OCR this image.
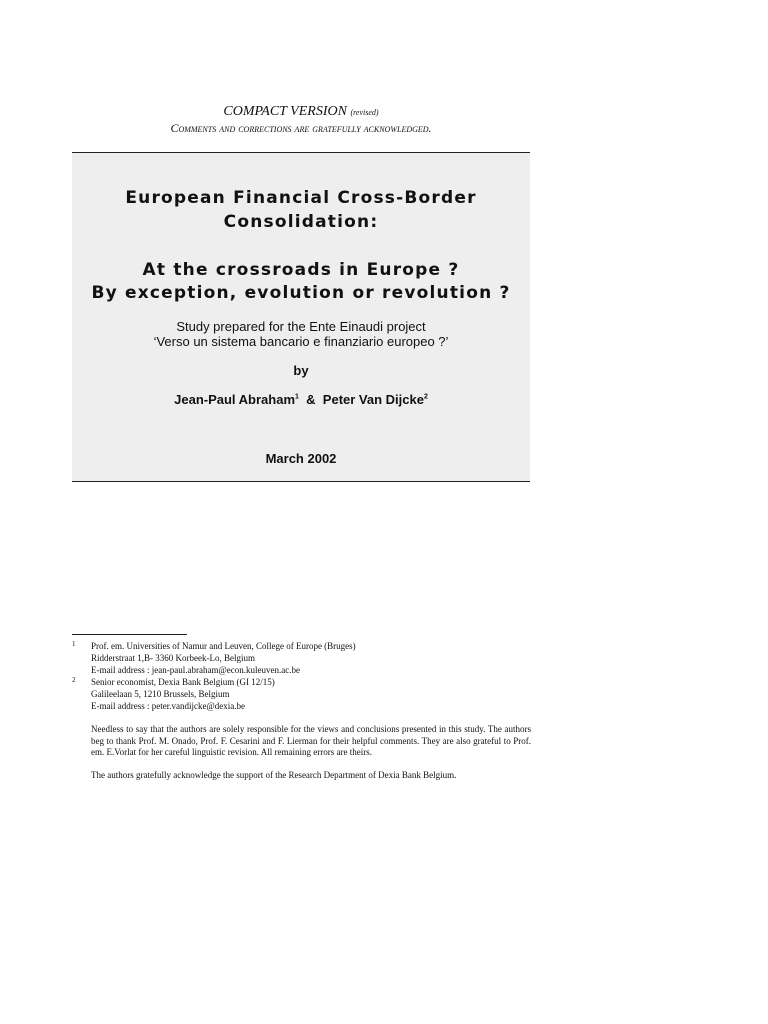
COMPACT VERSION (revised)
Comments and corrections are gratefully acknowledged.
European Financial Cross-Border
Consolidation:
At the crossroads in Europe ?
By exception, evolution or revolution ?
Study prepared for the Ente Einaudi project
‘Verso un sistema bancario e finanziario europeo ?’
by
Jean-Paul Abraham$^1$ & Peter Van Dijcke$^2$
March 2002
1 Prof. em. Universities of Namur and Leuven, College of Europe (Bruges)
Ridderstraat 1,B- 3360 Korbeek-Lo, Belgium
E-mail address : jean-paul.abraham@econ.kuleuven.ac.be
2 Senior economist, Dexia Bank Belgium (GI 12/15)
Galileelaan 5, 1210 Brussels, Belgium
E-mail address : peter.vandijcke@dexia.be
Needless to say that the authors are solely responsible for the views and conclusions presented in this study. The authors beg to thank Prof. M. Onado, Prof. F. Cesarini and F. Lierman for their helpful comments. They are also grateful to Prof. em. E.Vorlat for her careful linguistic revision. All remaining errors are theirs.
The authors gratefully acknowledge the support of the Research Department of Dexia Bank Belgium.
